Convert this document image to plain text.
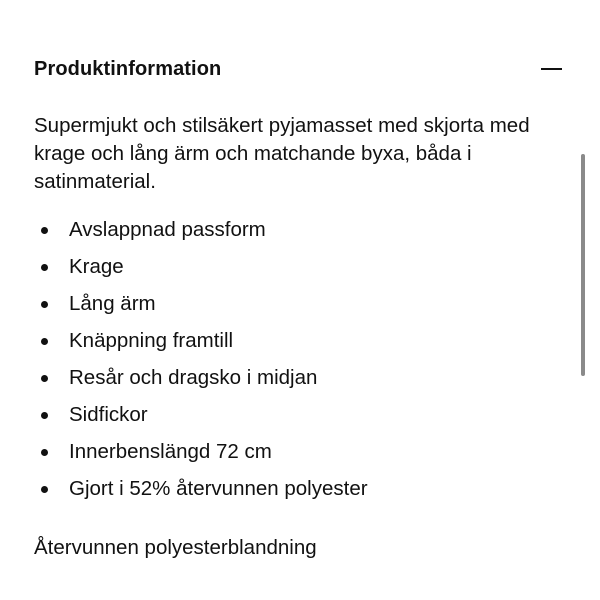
Produktinformation
Supermjukt och stilsäkert pyjamasset med skjorta med krage och lång ärm och matchande byxa, båda i satinmaterial.
Avslappnad passform
Krage
Lång ärm
Knäppning framtill
Resår och dragsko i midjan
Sidfickor
Innerbenslängd 72 cm
Gjort i 52% återvunnen polyester
Återvunnen polyesterblandning
